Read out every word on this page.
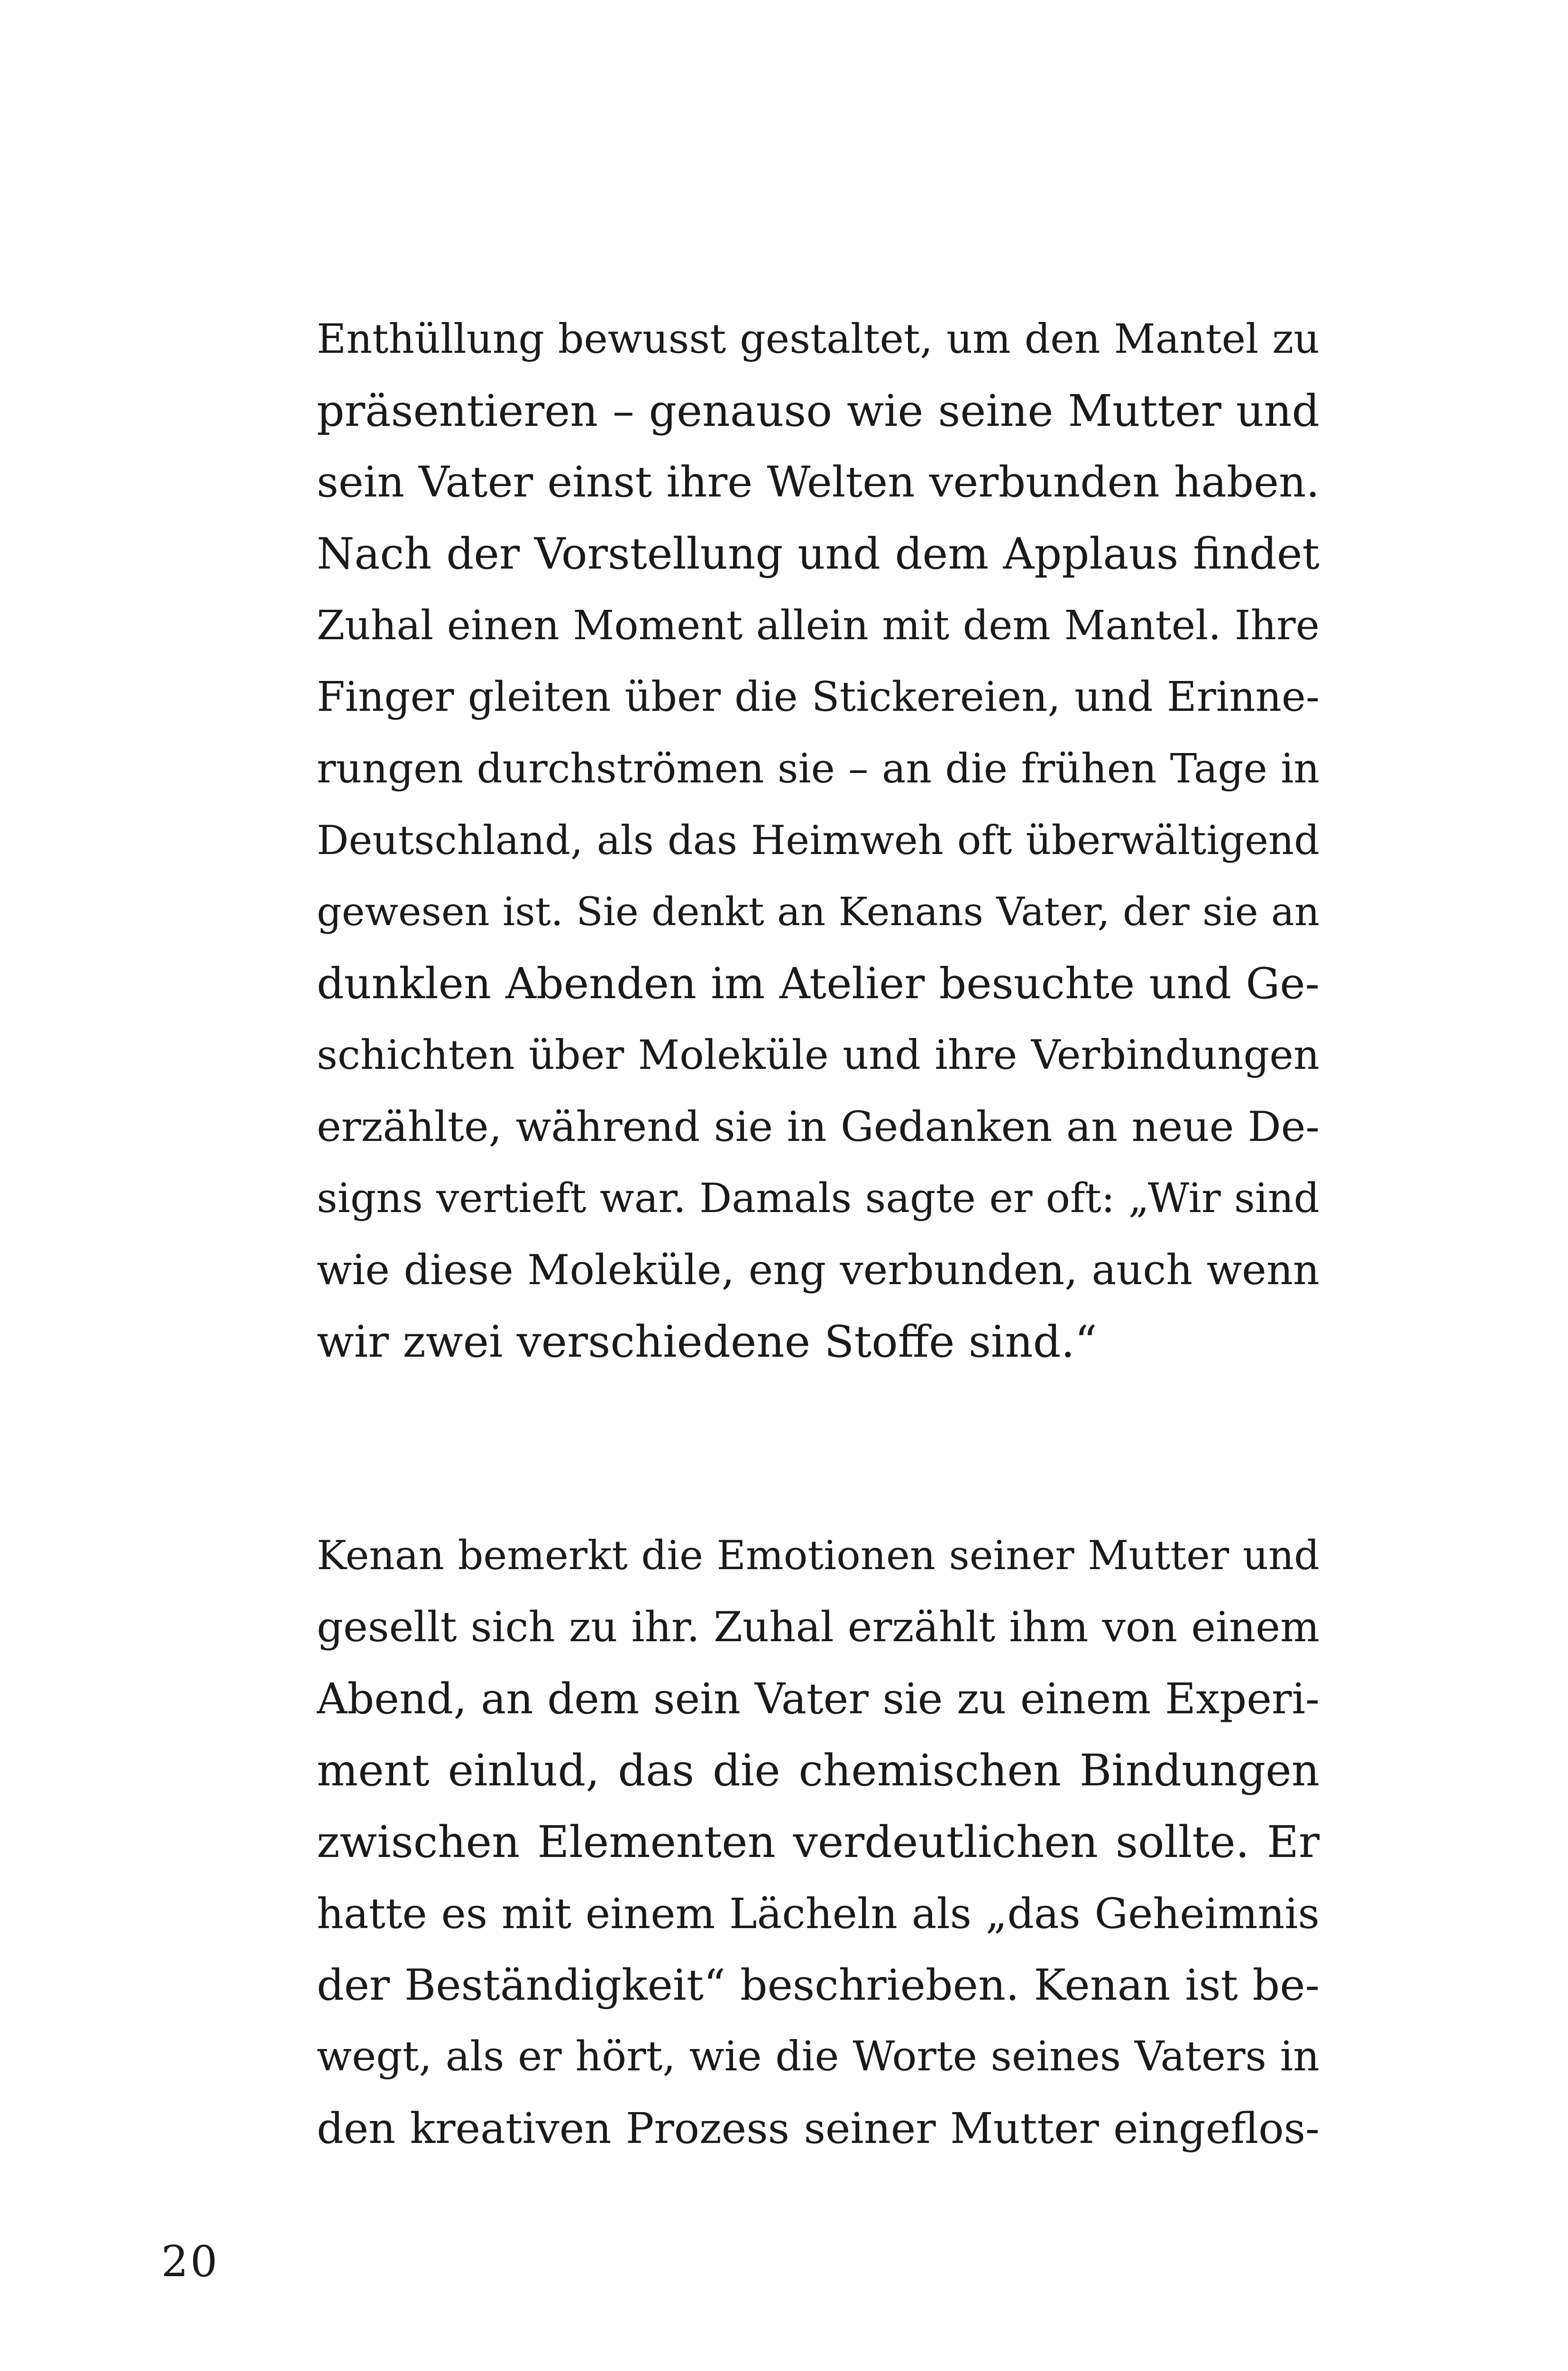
Enthüllung bewusst gestaltet, um den Mantel zu
präsentieren – genauso wie seine Mutter und
sein Vater einst ihre Welten verbunden haben.
Nach der Vorstellung und dem Applaus findet
Zuhal einen Moment allein mit dem Mantel. Ihre
Finger gleiten über die Stickereien, und Erinne-
rungen durchströmen sie – an die frühen Tage in
Deutschland, als das Heimweh oft überwältigend
gewesen ist. Sie denkt an Kenans Vater, der sie an
dunklen Abenden im Atelier besuchte und Ge-
schichten über Moleküle und ihre Verbindungen
erzählte, während sie in Gedanken an neue De-
signs vertieft war. Damals sagte er oft: „Wir sind
wie diese Moleküle, eng verbunden, auch wenn
wir zwei verschiedene Stoffe sind.“

Kenan bemerkt die Emotionen seiner Mutter und
gesellt sich zu ihr. Zuhal erzählt ihm von einem
Abend, an dem sein Vater sie zu einem Experi-
ment einlud, das die chemischen Bindungen
zwischen Elementen verdeutlichen sollte. Er
hatte es mit einem Lächeln als „das Geheimnis
der Beständigkeit“ beschrieben. Kenan ist be-
wegt, als er hört, wie die Worte seines Vaters in
den kreativen Prozess seiner Mutter eingeflos-

20
